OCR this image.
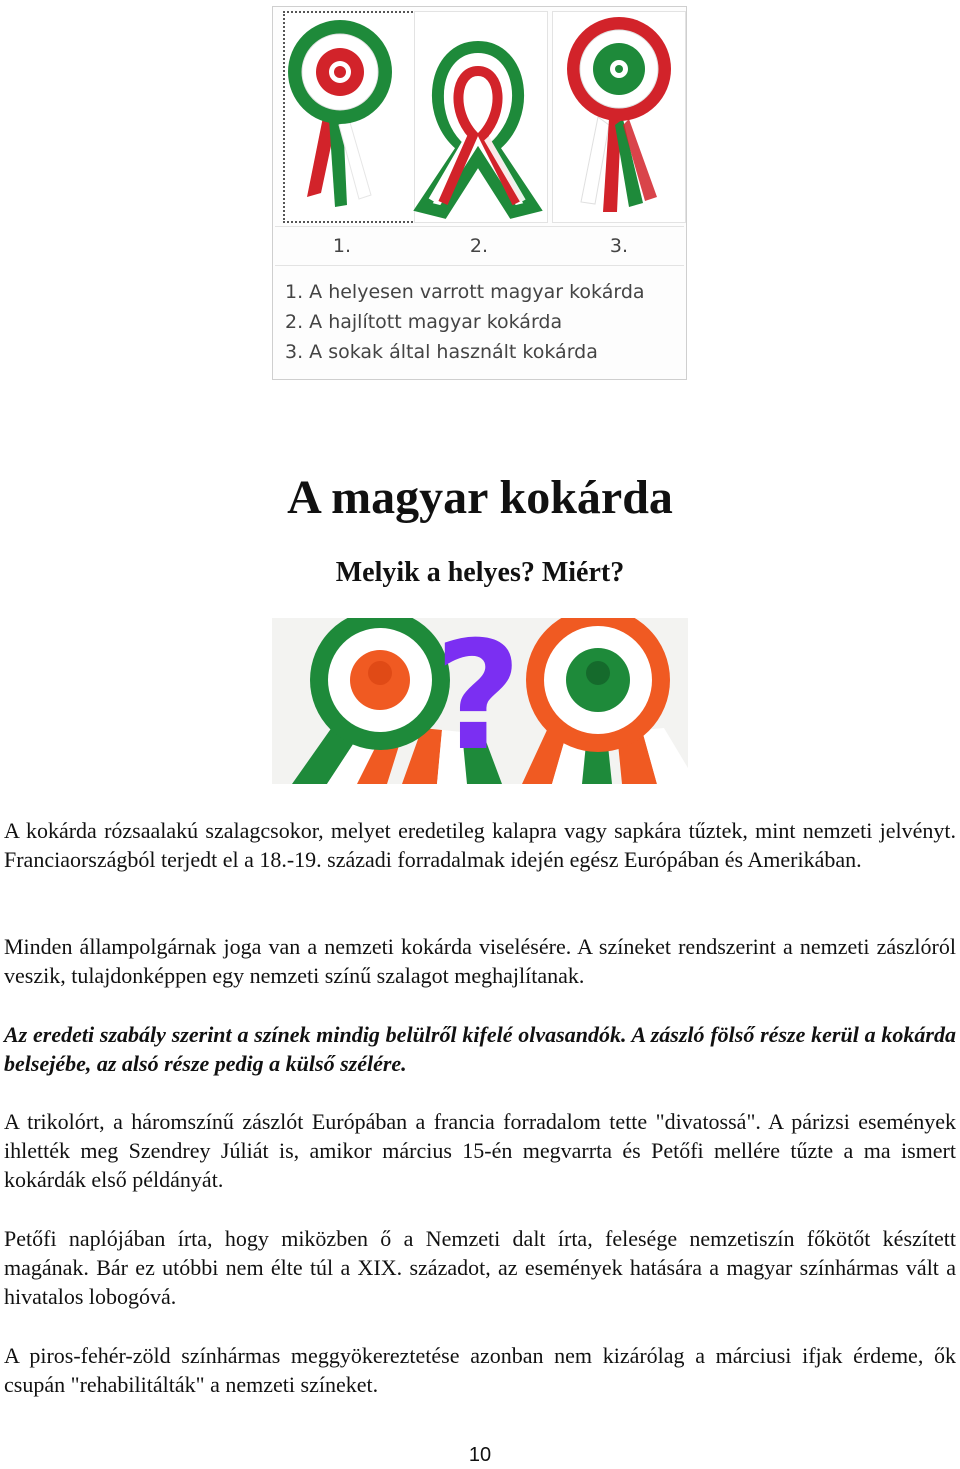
1.	2.	3.
1. A helyesen varrott magyar kokárda
2. A hajlított magyar kokárda
3. A sokak által használt kokárda
A magyar kokárda
Melyik a helyes? Miért?
?

A kokárda rózsaalakú szalagcsokor, melyet eredetileg kalapra vagy sapkára tűztek, mint nemzeti jelvényt. Franciaországból terjedt el a 18.-19. századi forradalmak idején egész Európában és Amerikában.

Minden állampolgárnak joga van a nemzeti kokárda viselésére. A színeket rendszerint a nemzeti zászlóról veszik, tulajdonképpen egy nemzeti színű szalagot meghajlítanak.

Az eredeti szabály szerint a színek mindig belülről kifelé olvasandók. A zászló fölső része kerül a kokárda belsejébe, az alsó része pedig a külső szélére.

A trikolórt, a háromszínű zászlót Európában a francia forradalom tette "divatossá". A párizsi események ihlették meg Szendrey Júliát is, amikor március 15-én megvarrta és Petőfi mellére tűzte a ma ismert kokárdák első példányát.

Petőfi naplójában írta, hogy miközben ő a Nemzeti dalt írta, felesége nemzetiszín főkötőt készített magának. Bár ez utóbbi nem élte túl a XIX. századot, az események hatására a magyar színhármas vált a hivatalos lobogóvá.

A piros-fehér-zöld színhármas meggyökereztetése azonban nem kizárólag a márciusi ifjak érdeme, ők csupán "rehabilitálták" a nemzeti színeket.

10
